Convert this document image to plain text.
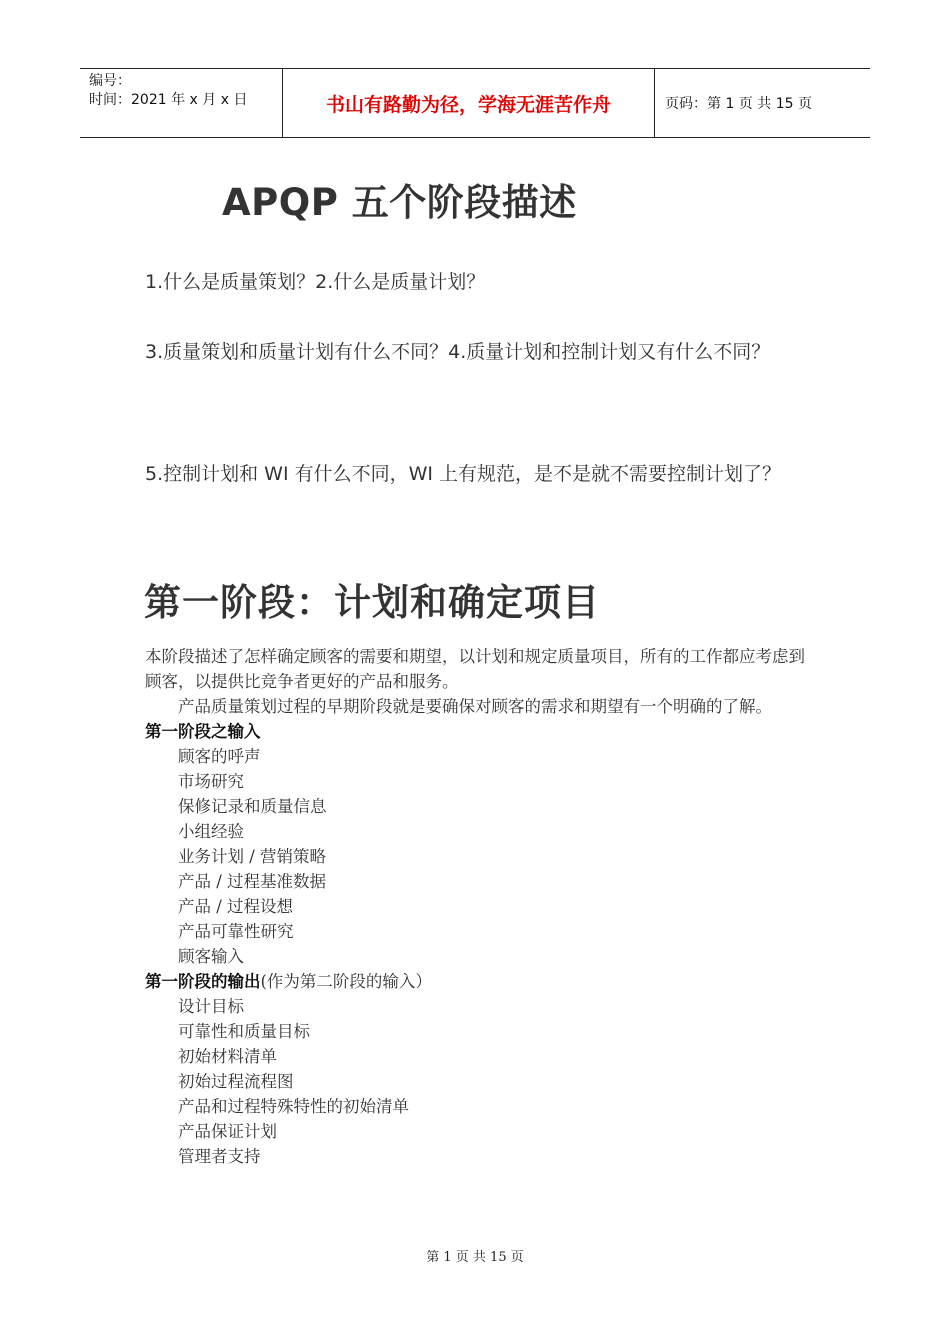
编号：
时间：2021 年 x 月 x 日	书山有路勤为径，学海无涯苦作舟	页码：第 1 页 共 15 页
APQP 五个阶段描述

1.什么是质量策划？2.什么是质量计划？

3.质量策划和质量计划有什么不同？4.质量计划和控制计划又有什么不同？

5.控制计划和 WI 有什么不同，WI 上有规范，是不是就不需要控制计划了？

第一阶段：计划和确定项目

本阶段描述了怎样确定顾客的需要和期望，以计划和规定质量项目，所有的工作都应考虑到顾客，以提供比竞争者更好的产品和服务。

产品质量策划过程的早期阶段就是要确保对顾客的需求和期望有一个明确的了解。

第一阶段之输入

顾客的呼声
市场研究
保修记录和质量信息
小组经验
业务计划 / 营销策略
产品 / 过程基准数据
产品 / 过程设想
产品可靠性研究
顾客输入

第一阶段的输出(作为第二阶段的输入）

设计目标
可靠性和质量目标
初始材料清单
初始过程流程图
产品和过程特殊特性的初始清单
产品保证计划
管理者支持
第 1 页 共 15 页
